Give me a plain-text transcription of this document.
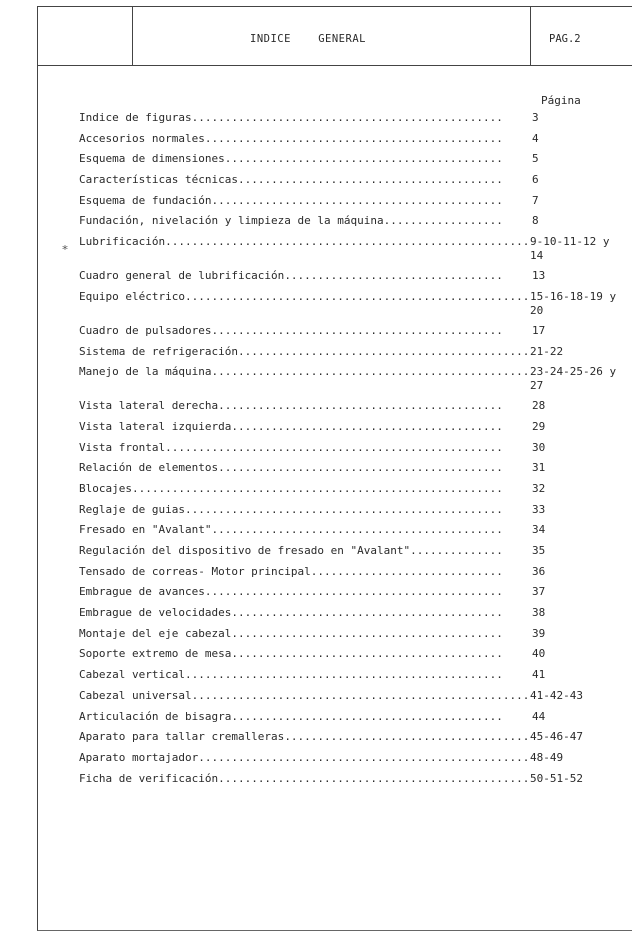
INDICE    GENERAL	PAG.2
Página
⁎
Indice de figuras .....	3
Accesorios normales .....	4
Esquema de dimensiones .....	5
Características técnicas .....	6
Esquema de fundación .....	7
Fundación, nivelación y limpieza de la máquina .....	8
Lubrificación .....	9-10-11-12 y
14
Cuadro general de lubrificación .....	13
Equipo eléctrico .....	15-16-18-19 y
20
Cuadro de pulsadores .....	17
Sistema de refrigeración .....	21-22
Manejo de la máquina .....	23-24-25-26 y
27
Vista lateral derecha .....	28
Vista lateral izquierda .....	29
Vista frontal .....	30
Relación de elementos .....	31
Blocajes .....	32
Reglaje de guias .....	33
Fresado en "Avalant" .....	34
Regulación del dispositivo de fresado en "Avalant" .....	35
Tensado de correas- Motor principal .....	36
Embrague de avances .....	37
Embrague de velocidades .....	38
Montaje del eje cabezal .....	39
Soporte extremo de mesa .....	40
Cabezal vertical .....	41
Cabezal universal .....	41-42-43
Articulación de bisagra .....	44
Aparato para tallar cremalleras .....	45-46-47
Aparato mortajador .....	48-49
Ficha de verificación .....	50-51-52
